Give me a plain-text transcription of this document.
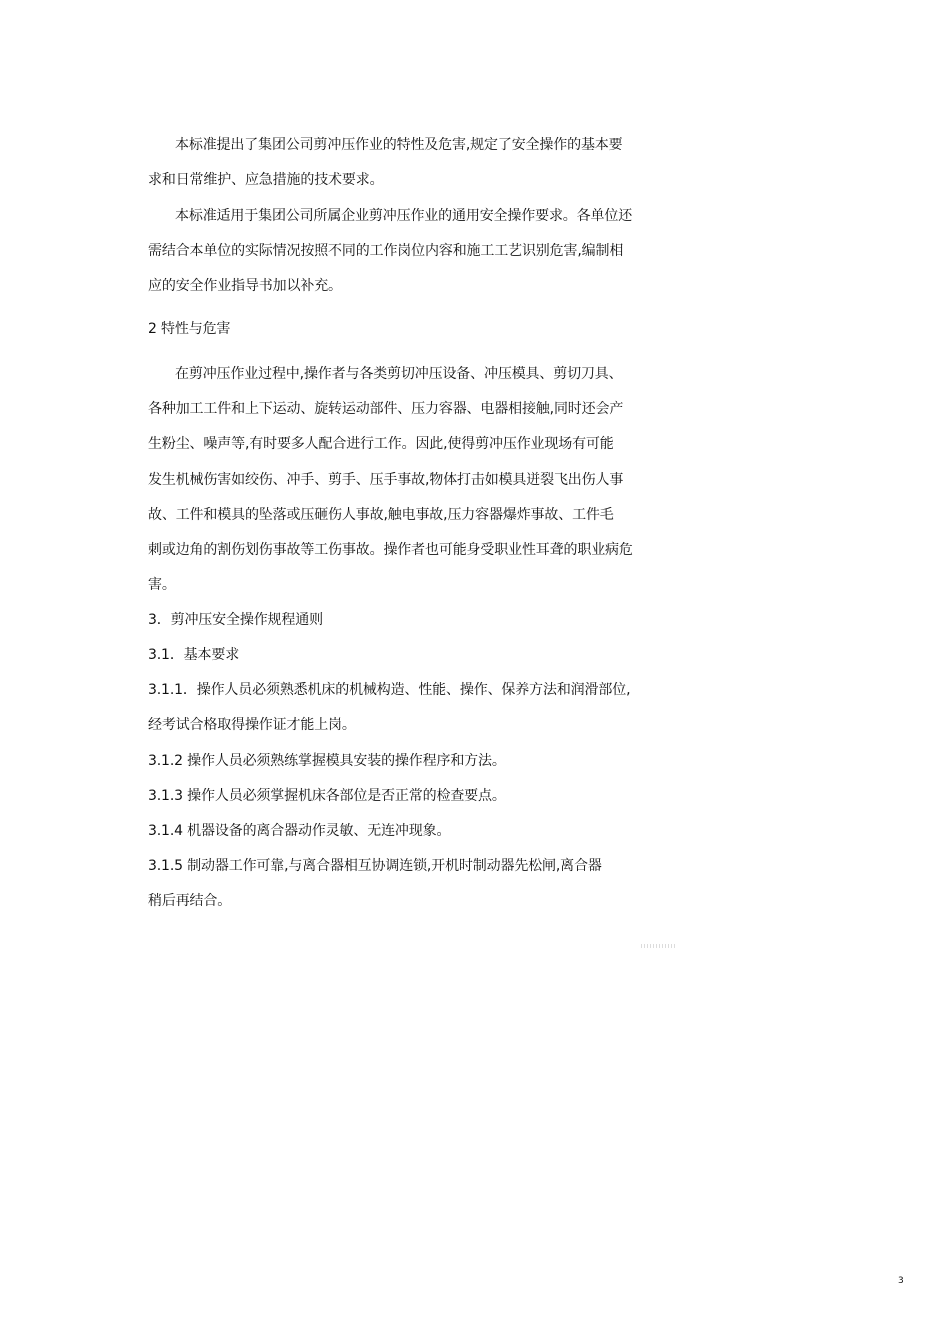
本标准提出了集团公司剪冲压作业的特性及危害,规定了安全操作的基本要
求和日常维护、应急措施的技术要求。
本标准适用于集团公司所属企业剪冲压作业的通用安全操作要求。各单位还
需结合本单位的实际情况按照不同的工作岗位内容和施工工艺识别危害,编制相
应的安全作业指导书加以补充。
2 特性与危害
在剪冲压作业过程中,操作者与各类剪切冲压设备、冲压模具、剪切刀具、
各种加工工件和上下运动、旋转运动部件、压力容器、电器相接触,同时还会产
生粉尘、噪声等,有时要多人配合进行工作。因此,使得剪冲压作业现场有可能
发生机械伤害如绞伤、冲手、剪手、压手事故,物体打击如模具迸裂飞出伤人事
故、工件和模具的坠落或压砸伤人事故,触电事故,压力容器爆炸事故、工件毛
刺或边角的割伤划伤事故等工伤事故。操作者也可能身受职业性耳聋的职业病危
害。
3．剪冲压安全操作规程通则
3.1．基本要求
3.1.1．操作人员必须熟悉机床的机械构造、性能、操作、保养方法和润滑部位,
经考试合格取得操作证才能上岗。
3.1.2 操作人员必须熟练掌握模具安装的操作程序和方法。
3.1.3 操作人员必须掌握机床各部位是否正常的检查要点。
3.1.4 机器设备的离合器动作灵敏、无连冲现象。
3.1.5 制动器工作可靠,与离合器相互协调连锁,开机时制动器先松闸,离合器
稍后再结合。
3
